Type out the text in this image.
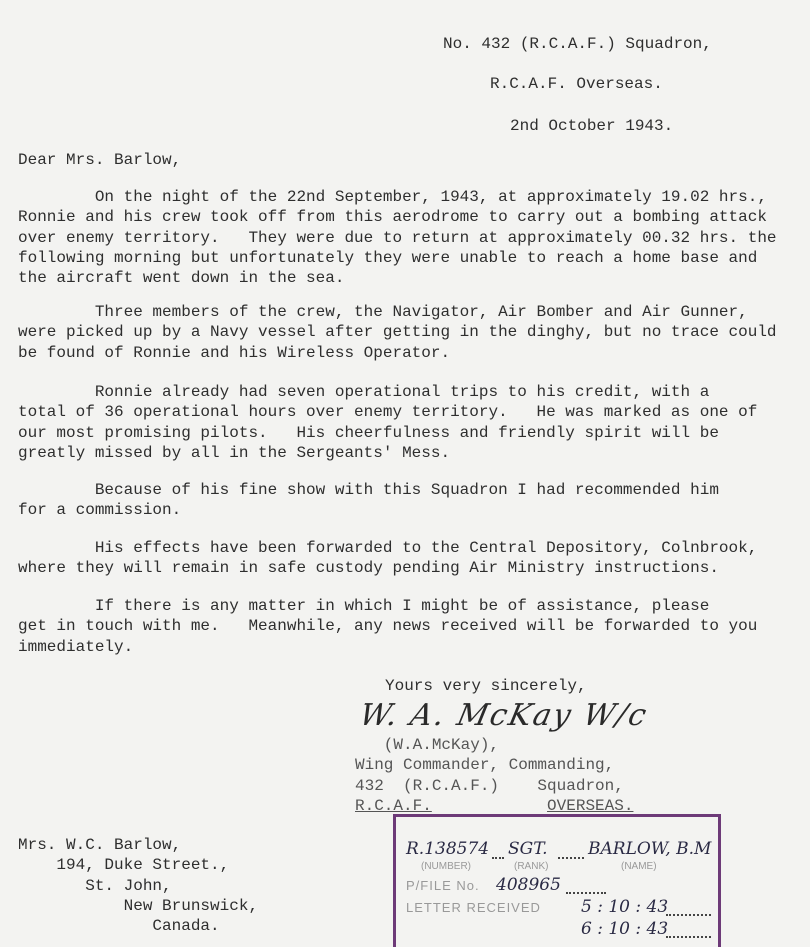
No. 432 (R.C.A.F.) Squadron,
R.C.A.F. Overseas.
2nd October 1943.
Dear Mrs. Barlow,
On the night of the 22nd September, 1943, at approximately 19.02 hrs.,
Ronnie and his crew took off from this aerodrome to carry out a bombing attack
over enemy territory.   They were due to return at approximately 00.32 hrs. the
following morning but unfortunately they were unable to reach a home base and
the aircraft went down in the sea.
Three members of the crew, the Navigator, Air Bomber and Air Gunner,
were picked up by a Navy vessel after getting in the dinghy, but no trace could
be found of Ronnie and his Wireless Operator.
Ronnie already had seven operational trips to his credit, with a
total of 36 operational hours over enemy territory.   He was marked as one of
our most promising pilots.   His cheerfulness and friendly spirit will be
greatly missed by all in the Sergeants' Mess.
Because of his fine show with this Squadron I had recommended him
for a commission.
His effects have been forwarded to the Central Depository, Colnbrook,
where they will remain in safe custody pending Air Ministry instructions.
If there is any matter in which I might be of assistance, please
get in touch with me.   Meanwhile, any news received will be forwarded to you
immediately.
Yours very sincerely,
W. A. McKay W/c
(W.A.McKay),
Wing Commander, Commanding,
432  (R.C.A.F.)    Squadron,
R.C.A.F.	OVERSEAS.
Mrs. W.C. Barlow,
194, Duke Street.,
St. John,
New Brunswick,
Canada.
R.138574 SGT. BARLOW, B.M
(NUMBER)	(RANK)	(NAME)
P/FILE No. 408965
LETTER RECEIVED 5 : 10 : 43
6 : 10 : 43
